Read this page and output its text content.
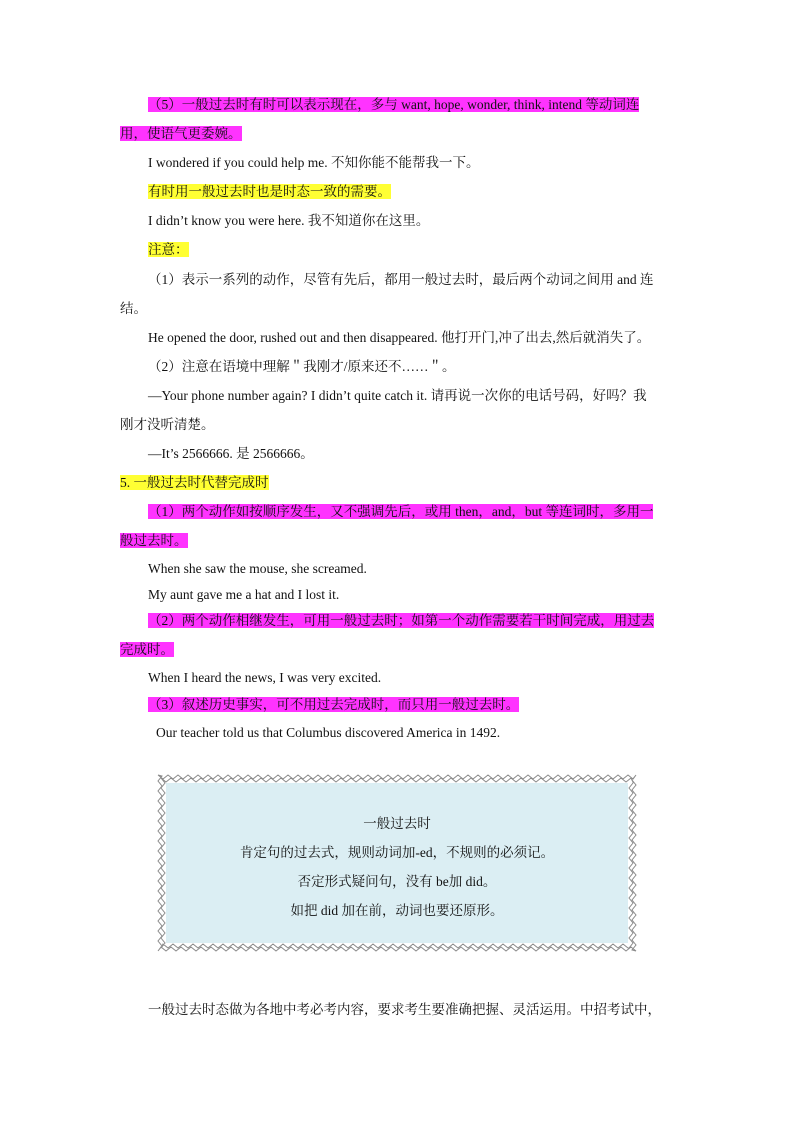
（5）一般过去时有时可以表示现在，多与 want, hope, wonder, think, intend 等动词连
用，使语气更委婉。
I wondered if you could help me. 不知你能不能帮我一下。
有时用一般过去时也是时态一致的需要。
I didn’t know you were here. 我不知道你在这里。
注意：
（1）表示一系列的动作，尽管有先后，都用一般过去时，最后两个动词之间用 and 连
结。
He opened the door, rushed out and then disappeared. 他打开门,冲了出去,然后就消失了。
（2）注意在语境中理解＂我刚才/原来还不……＂。
—Your phone number again? I didn’t quite catch it. 请再说一次你的电话号码，好吗？我
刚才没听清楚。
—It’s 2566666. 是 2566666。
5. 一般过去时代替完成时
（1）两个动作如按顺序发生，又不强调先后，或用 then，and，but 等连词时，多用一
般过去时。
When she saw the mouse, she screamed.
My aunt gave me a hat and I lost it.
（2）两个动作相继发生，可用一般过去时；如第一个动作需要若干时间完成，用过去
完成时。
When I heard the news, I was very excited.
（3）叙述历史事实，可不用过去完成时，而只用一般过去时。
Our teacher told us that Columbus discovered America in 1492.
一般过去时
肯定句的过去式，规则动词加-ed，不规则的必须记。
否定形式疑问句，没有 be加 did。
如把 did 加在前，动词也要还原形。
一般过去时态做为各地中考必考内容，要求考生要准确把握、灵活运用。中招考试中，
